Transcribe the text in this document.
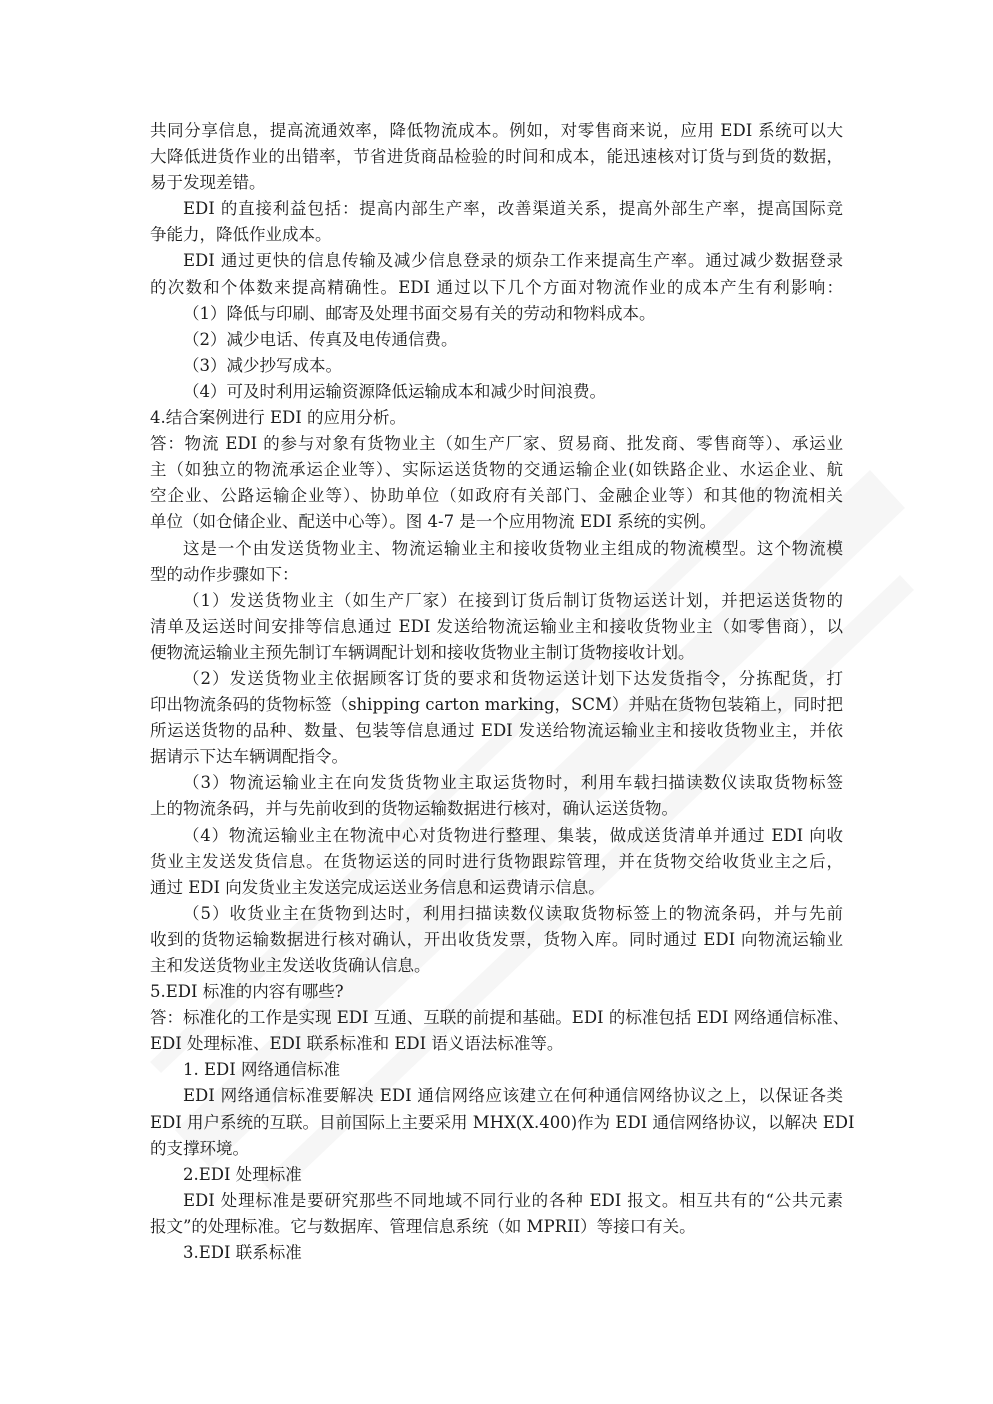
共同分享信息，提高流通效率，降低物流成本。例如，对零售商来说，应用 EDI 系统可以大
大降低进货作业的出错率，节省进货商品检验的时间和成本，能迅速核对订货与到货的数据，
易于发现差错。
EDI 的直接利益包括：提高内部生产率，改善渠道关系，提高外部生产率，提高国际竞
争能力，降低作业成本。
EDI 通过更快的信息传输及减少信息登录的烦杂工作来提高生产率。通过减少数据登录
的次数和个体数来提高精确性。EDI 通过以下几个方面对物流作业的成本产生有利影响：
（1）降低与印刷、邮寄及处理书面交易有关的劳动和物料成本。
（2）减少电话、传真及电传通信费。
（3）减少抄写成本。
（4）可及时利用运输资源降低运输成本和减少时间浪费。
4.结合案例进行 EDI 的应用分析。
答：物流 EDI 的参与对象有货物业主（如生产厂家、贸易商、批发商、零售商等）、承运业
主（如独立的物流承运企业等）、实际运送货物的交通运输企业(如铁路企业、水运企业、航
空企业、公路运输企业等）、协助单位（如政府有关部门、金融企业等）和其他的物流相关
单位（如仓储企业、配送中心等）。图 4-7 是一个应用物流 EDI 系统的实例。
这是一个由发送货物业主、物流运输业主和接收货物业主组成的物流模型。这个物流模
型的动作步骤如下：
（1）发送货物业主（如生产厂家）在接到订货后制订货物运送计划，并把运送货物的
清单及运送时间安排等信息通过 EDI 发送给物流运输业主和接收货物业主（如零售商），以
便物流运输业主预先制订车辆调配计划和接收货物业主制订货物接收计划。
（2）发送货物业主依据顾客订货的要求和货物运送计划下达发货指令，分拣配货，打
印出物流条码的货物标签（shipping carton marking，SCM）并贴在货物包装箱上，同时把
所运送货物的品种、数量、包装等信息通过 EDI 发送给物流运输业主和接收货物业主，并依
据请示下达车辆调配指令。
（3）物流运输业主在向发货货物业主取运货物时，利用车载扫描读数仪读取货物标签
上的物流条码，并与先前收到的货物运输数据进行核对，确认运送货物。
（4）物流运输业主在物流中心对货物进行整理、集装，做成送货清单并通过 EDI 向收
货业主发送发货信息。在货物运送的同时进行货物跟踪管理，并在货物交给收货业主之后，
通过 EDI 向发货业主发送完成运送业务信息和运费请示信息。
（5）收货业主在货物到达时，利用扫描读数仪读取货物标签上的物流条码，并与先前
收到的货物运输数据进行核对确认，开出收货发票，货物入库。同时通过 EDI 向物流运输业
主和发送货物业主发送收货确认信息。
5.EDI 标准的内容有哪些?
答：标准化的工作是实现 EDI 互通、互联的前提和基础。EDI 的标准包括 EDI 网络通信标准、
EDI 处理标准、EDI 联系标准和 EDI 语义语法标准等。
1. EDI 网络通信标准
EDI 网络通信标准要解决 EDI 通信网络应该建立在何种通信网络协议之上，以保证各类
EDI 用户系统的互联。目前国际上主要采用 MHX(X.400)作为 EDI 通信网络协议，以解决 EDI
的支撑环境。
2.EDI 处理标准
EDI 处理标准是要研究那些不同地域不同行业的各种 EDI 报文。相互共有的“公共元素
报文”的处理标准。它与数据库、管理信息系统（如 MPRII）等接口有关。
3.EDI 联系标准
